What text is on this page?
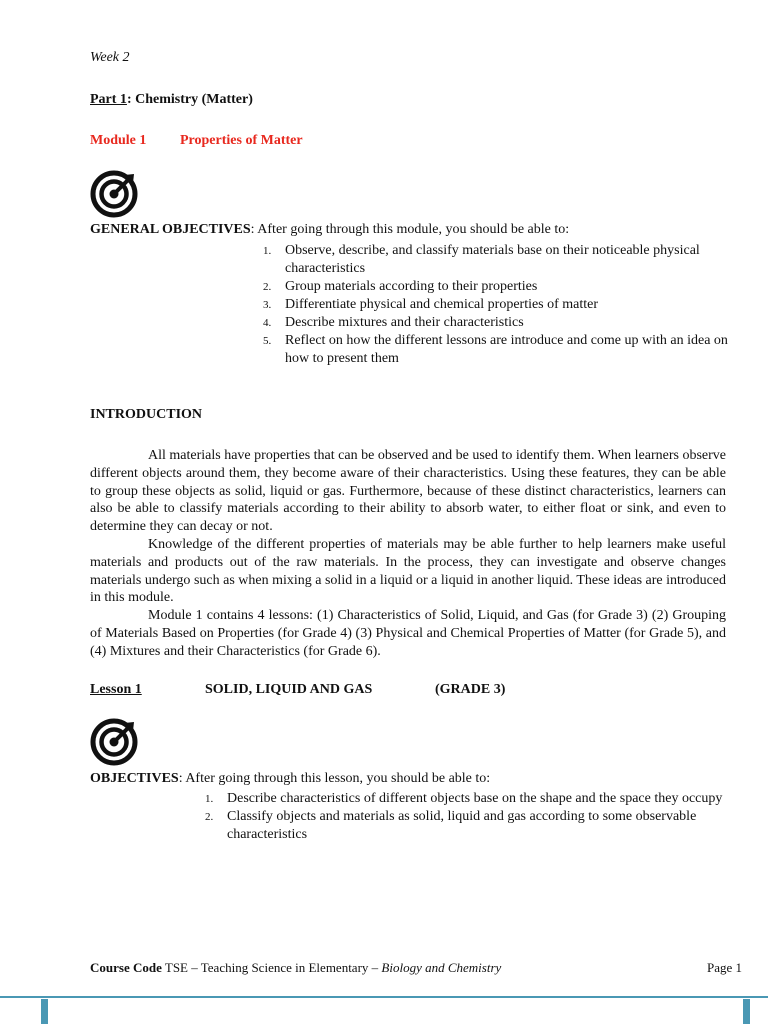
Week 2
Part 1: Chemistry (Matter)
Module 1 Properties of Matter
GENERAL OBJECTIVES: After going through this module, you should be able to:
1. Observe, describe, and classify materials base on their noticeable physical characteristics
2. Group materials according to their properties
3. Differentiate physical and chemical properties of matter
4. Describe mixtures and their characteristics
5. Reflect on how the different lessons are introduce and come up with an idea on how to present them
INTRODUCTION

All materials have properties that can be observed and be used to identify them. When learners observe different objects around them, they become aware of their characteristics. Using these features, they can be able to group these objects as solid, liquid or gas. Furthermore, because of these distinct characteristics, learners can also be able to classify materials according to their ability to absorb water, to either float or sink, and even to determine they can decay or not.

Knowledge of the different properties of materials may be able further to help learners make useful materials and products out of the raw materials. In the process, they can investigate and observe changes materials undergo such as when mixing a solid in a liquid or a liquid in another liquid. These ideas are introduced in this module.

Module 1 contains 4 lessons: (1) Characteristics of Solid, Liquid, and Gas (for Grade 3) (2) Grouping of Materials Based on Properties (for Grade 4) (3) Physical and Chemical Properties of Matter (for Grade 5), and (4) Mixtures and their Characteristics (for Grade 6).

Lesson 1	SOLID, LIQUID AND GAS	(GRADE 3)
OBJECTIVES: After going through this lesson, you should be able to:
1. Describe characteristics of different objects base on the shape and the space they occupy
2. Classify objects and materials as solid, liquid and gas according to some observable characteristics
Course Code TSE – Teaching Science in Elementary – Biology and Chemistry	Page 1
